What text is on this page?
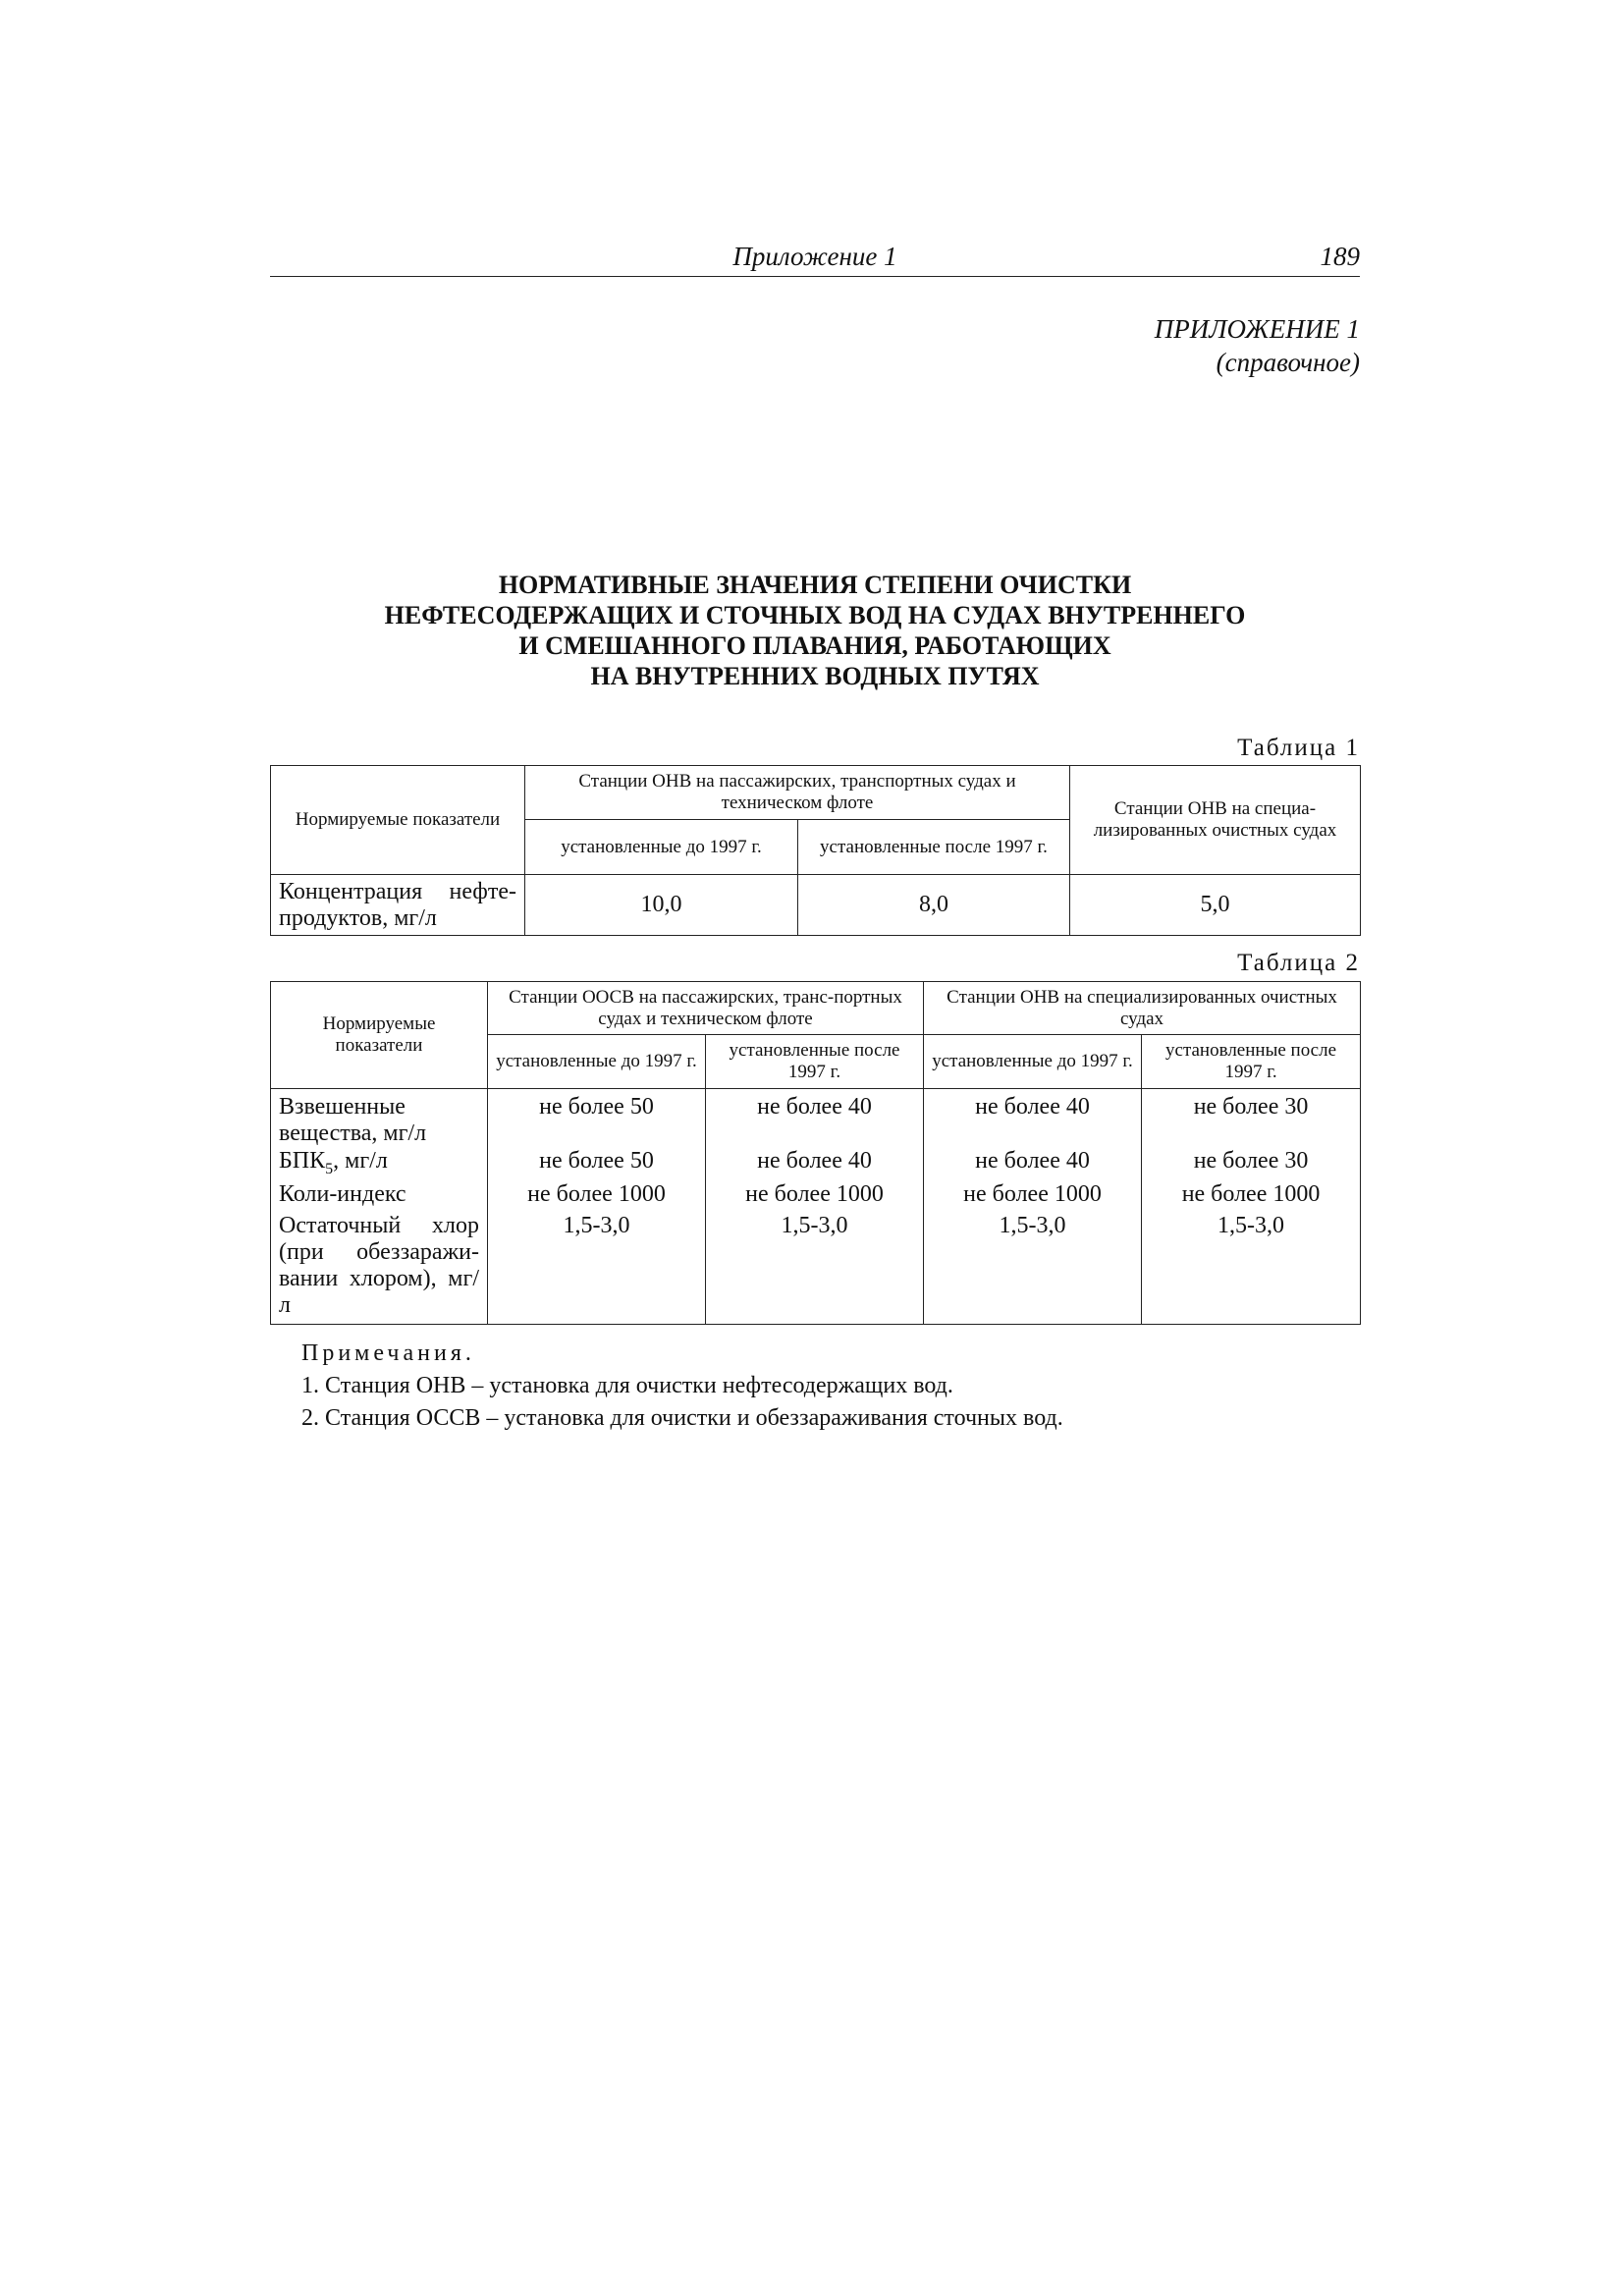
Приложение 1	189
ПРИЛОЖЕНИЕ 1
(справочное)
НОРМАТИВНЫЕ ЗНАЧЕНИЯ СТЕПЕНИ ОЧИСТКИ
НЕФТЕСОДЕРЖАЩИХ И СТОЧНЫХ ВОД НА СУДАХ ВНУТРЕННЕГО
И СМЕШАННОГО ПЛАВАНИЯ, РАБОТАЮЩИХ
НА ВНУТРЕННИХ ВОДНЫХ ПУТЯХ
Таблица 1
Нормируемые показатели	Станции ОНВ на пассажирских, транспортных судах и техническом флоте		Станции ОНВ на специа-лизированных очистных судах
	установленные до 1997 г.	установленные после 1997 г.	
Концентрация нефте-продуктов, мг/л	10,0	8,0	5,0
Таблица 2
Нормируемые показатели	Станции ООСВ на пассажирских, транс-портных судах и техническом флоте		Станции ОНВ на специализированных очистных судах	
	установленные до 1997 г.	установленные после 1997 г.	установленные до 1997 г.	установленные после 1997 г.
Взвешенные вещества, мг/л	не более 50	не более 40	не более 40	не более 30
$БПК_5$, мг/л	не более 50	не более 40	не более 40	не более 30
Коли-индекс	не более 1000	не более 1000	не более 1000	не более 1000
Остаточный хлор (при обеззаражи-вании хлором), мг/л	1,5-3,0	1,5-3,0	1,5-3,0	1,5-3,0
Примечания.
1. Станция ОНВ – установка для очистки нефтесодержащих вод.
2. Станция ОССВ – установка для очистки и обеззараживания сточных вод.
